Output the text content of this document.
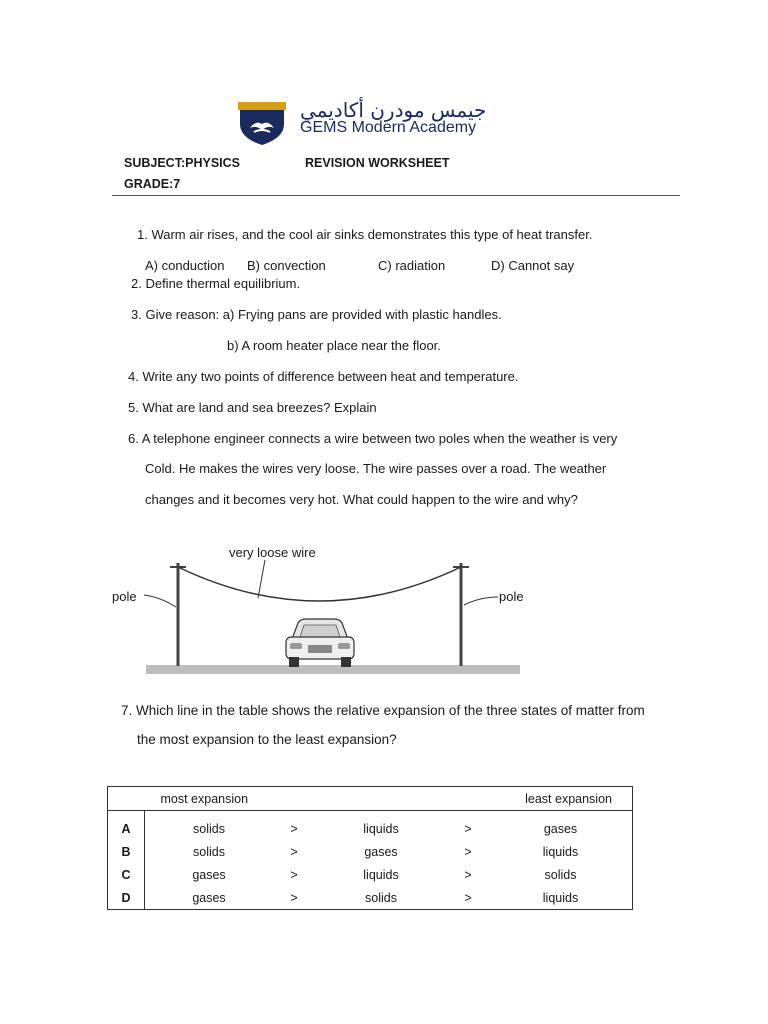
جيمس مودرن أكاديمي
GEMS Modern Academy
SUBJECT:PHYSICS	REVISION WORKSHEET
GRADE:7
1. Warm air rises, and the cool air sinks demonstrates this type of heat transfer.
A) conduction B) convection	C) radiation	D) Cannot say
2. Define thermal equilibrium.
3. Give reason: a) Frying pans are provided with plastic handles.
b) A room heater place near the floor.
4. Write any two points of difference between heat and temperature.
5. What are land and sea breezes? Explain
6. A telephone engineer connects a wire between two poles when the weather is very
Cold. He makes the wires very loose. The wire passes over a road. The weather
changes and it becomes very hot. What could happen to the wire and why?
very loose wire
pole	pole
7. Which line in the table shows the relative expansion of the three states of matter from
the most expansion to the least expansion?
	most expansion				least expansion
A	solids	>	liquids	>	gases
B	solids	>	gases	>	liquids
C	gases	>	liquids	>	solids
D	gases	>	solids	>	liquids
